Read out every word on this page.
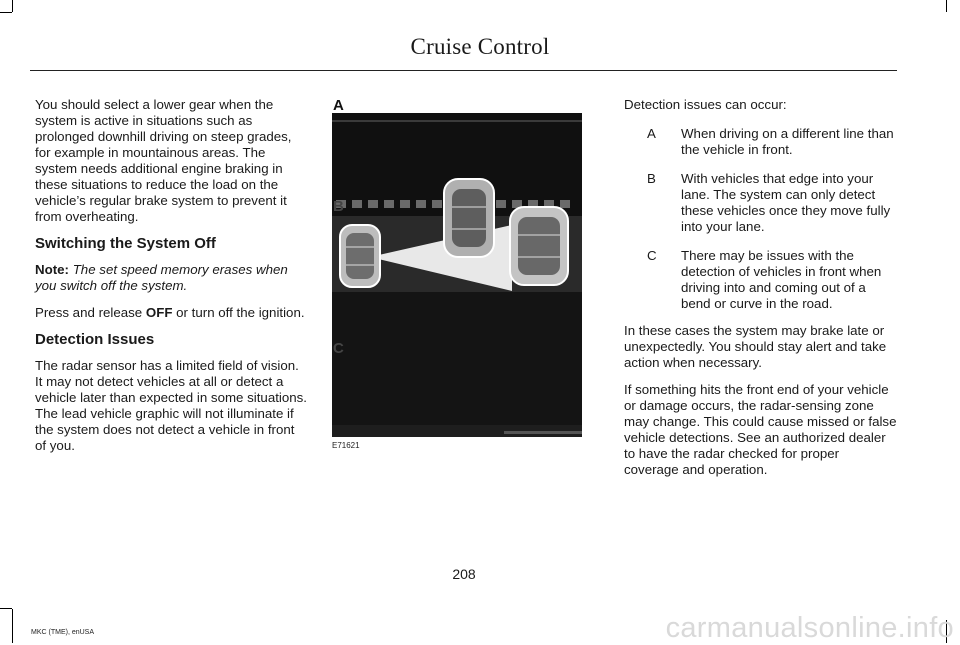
Cruise Control

You should select a lower gear when the system is active in situations such as prolonged downhill driving on steep grades, for example in mountainous areas. The system needs additional engine braking in these situations to reduce the load on the vehicle’s regular brake system to prevent it from overheating.

Switching the System Off

Note: The set speed memory erases when you switch off the system.

Press and release OFF or turn off the ignition.

Detection Issues

The radar sensor has a limited field of vision. It may not detect vehicles at all or detect a vehicle later than expected in some situations. The lead vehicle graphic will not illuminate if the system does not detect a vehicle in front of you.

A
B
C
E71621

Detection issues can occur:

A	When driving on a different line than the vehicle in front.
B	With vehicles that edge into your lane. The system can only detect these vehicles once they move fully into your lane.
C	There may be issues with the detection of vehicles in front when driving into and coming out of a bend or curve in the road.

In these cases the system may brake late or unexpectedly. You should stay alert and take action when necessary.

If something hits the front end of your vehicle or damage occurs, the radar-sensing zone may change. This could cause missed or false vehicle detections. See an authorized dealer to have the radar checked for proper coverage and operation.

208
MKC (TME), enUSA	carmanualsonline.info
